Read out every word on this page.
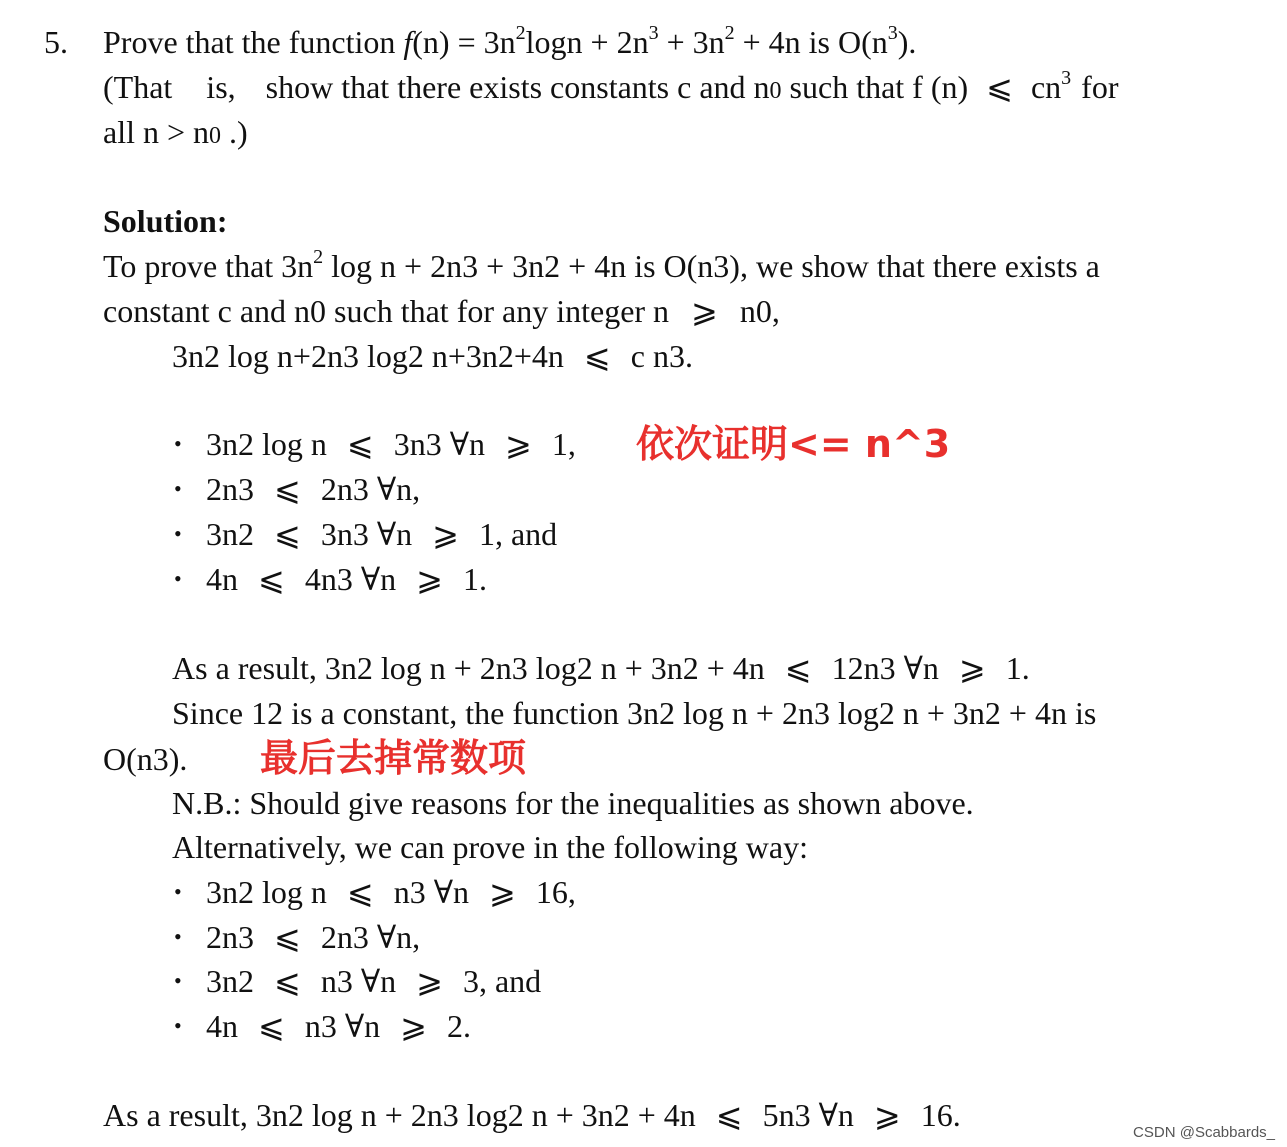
5. Prove that the function $f(n) = 3n^2\log n + 2n^3 + 3n^2 + 4n$ is $O(n^3)$.
(That is, show that there exists constants c and n0 such that f (n) ⩽ $cn^3$ for
all n > n0 .)
Solution:
To prove that $3n^2$ log n + 2n3 + 3n2 + 4n is O(n3), we show that there exists a
constant c and n0 such that for any integer n ⩾ n0,
3n2 log n+2n3 log2 n+3n2+4n ⩽ c n3.
• 3n2 log n ⩽ 3n3 ∀n ⩾ 1,
• 2n3 ⩽ 2n3 ∀n,
• 3n2 ⩽ 3n3 ∀n ⩾ 1, and
• 4n ⩽ 4n3 ∀n ⩾ 1.
依次证明<= n^3
As a result, 3n2 log n + 2n3 log2 n + 3n2 + 4n ⩽ 12n3 ∀n ⩾ 1.
Since 12 is a constant, the function 3n2 log n + 2n3 log2 n + 3n2 + 4n is
O(n3). 最后去掉常数项
N.B.: Should give reasons for the inequalities as shown above.
Alternatively, we can prove in the following way:
• 3n2 log n ⩽ n3 ∀n ⩾ 16,
• 2n3 ⩽ 2n3 ∀n,
• 3n2 ⩽ n3 ∀n ⩾ 3, and
• 4n ⩽ n3 ∀n ⩾ 2.
As a result, 3n2 log n + 2n3 log2 n + 3n2 + 4n ⩽ 5n3 ∀n ⩾ 16.	CSDN @Scabbards_
